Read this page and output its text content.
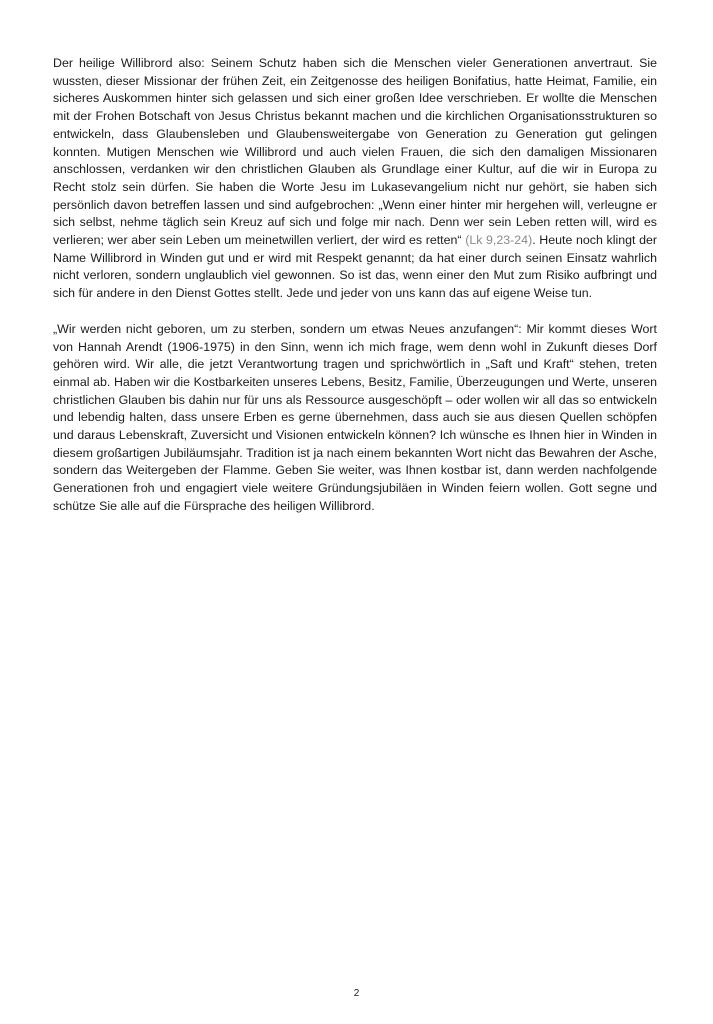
Der heilige Willibrord also: Seinem Schutz haben sich die Menschen vieler Generationen anvertraut. Sie wussten, dieser Missionar der frühen Zeit, ein Zeitgenosse des heiligen Bonifatius, hatte Heimat, Familie, ein sicheres Auskommen hinter sich gelassen und sich einer großen Idee verschrieben. Er wollte die Menschen mit der Frohen Botschaft von Jesus Christus bekannt machen und die kirchlichen Organisationsstrukturen so entwickeln, dass Glaubensleben und Glaubensweitergabe von Generation zu Generation gut gelingen konnten. Mutigen Menschen wie Willibrord und auch vielen Frauen, die sich den damaligen Missionaren anschlossen, verdanken wir den christlichen Glauben als Grundlage einer Kultur, auf die wir in Europa zu Recht stolz sein dürfen. Sie haben die Worte Jesu im Lukasevangelium nicht nur gehört, sie haben sich persönlich davon betreffen lassen und sind aufgebrochen: „Wenn einer hinter mir hergehen will, verleugne er sich selbst, nehme täglich sein Kreuz auf sich und folge mir nach. Denn wer sein Leben retten will, wird es verlieren; wer aber sein Leben um meinetwillen verliert, der wird es retten“ (Lk 9,23-24). Heute noch klingt der Name Willibrord in Winden gut und er wird mit Respekt genannt; da hat einer durch seinen Einsatz wahrlich nicht verloren, sondern unglaublich viel gewonnen. So ist das, wenn einer den Mut zum Risiko aufbringt und sich für andere in den Dienst Gottes stellt. Jede und jeder von uns kann das auf eigene Weise tun.

„Wir werden nicht geboren, um zu sterben, sondern um etwas Neues anzufangen“: Mir kommt dieses Wort von Hannah Arendt (1906-1975) in den Sinn, wenn ich mich frage, wem denn wohl in Zukunft dieses Dorf gehören wird. Wir alle, die jetzt Verantwortung tragen und sprichwörtlich in „Saft und Kraft“ stehen, treten einmal ab. Haben wir die Kostbarkeiten unseres Lebens, Besitz, Familie, Überzeugungen und Werte, unseren christlichen Glauben bis dahin nur für uns als Ressource ausgeschöpft – oder wollen wir all das so entwickeln und lebendig halten, dass unsere Erben es gerne übernehmen, dass auch sie aus diesen Quellen schöpfen und daraus Lebenskraft, Zuversicht und Visionen entwickeln können? Ich wünsche es Ihnen hier in Winden in diesem großartigen Jubiläumsjahr. Tradition ist ja nach einem bekannten Wort nicht das Bewahren der Asche, sondern das Weitergeben der Flamme. Geben Sie weiter, was Ihnen kostbar ist, dann werden nachfolgende Generationen froh und engagiert viele weitere Gründungsjubiläen in Winden feiern wollen. Gott segne und schütze Sie alle auf die Fürsprache des heiligen Willibrord.

2
